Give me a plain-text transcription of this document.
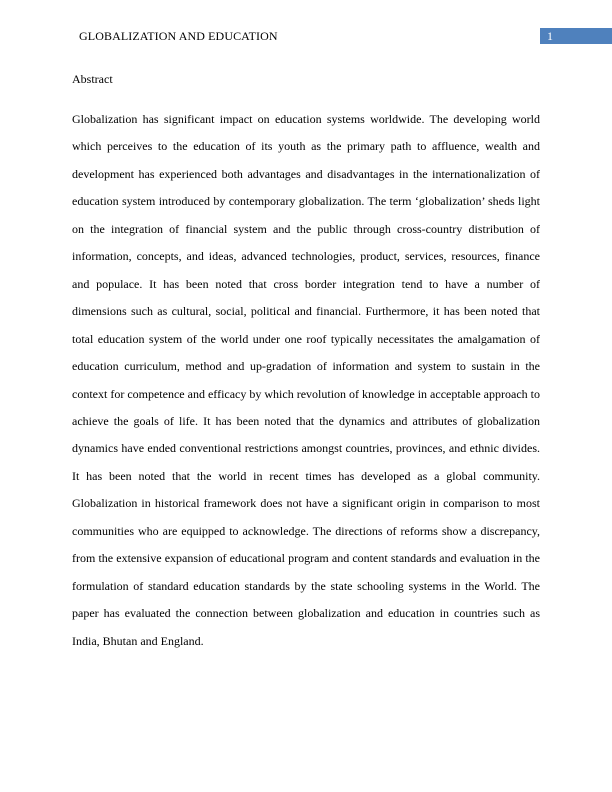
GLOBALIZATION AND EDUCATION	1
Abstract

Globalization has significant impact on education systems worldwide. The developing world which perceives to the education of its youth as the primary path to affluence, wealth and development has experienced both advantages and disadvantages in the internationalization of education system introduced by contemporary globalization. The term ‘globalization’ sheds light on the integration of financial system and the public through cross-country distribution of information, concepts, and ideas, advanced technologies, product, services, resources, finance and populace. It has been noted that cross border integration tend to have a number of dimensions such as cultural, social, political and financial. Furthermore, it has been noted that total education system of the world under one roof typically necessitates the amalgamation of education curriculum, method and up-gradation of information and system to sustain in the context for competence and efficacy by which revolution of knowledge in acceptable approach to achieve the goals of life. It has been noted that the dynamics and attributes of globalization dynamics have ended conventional restrictions amongst countries, provinces, and ethnic divides. It has been noted that the world in recent times has developed as a global community. Globalization in historical framework does not have a significant origin in comparison to most communities who are equipped to acknowledge. The directions of reforms show a discrepancy, from the extensive expansion of educational program and content standards and evaluation in the formulation of standard education standards by the state schooling systems in the World. The paper has evaluated the connection between globalization and education in countries such as India, Bhutan and England.
